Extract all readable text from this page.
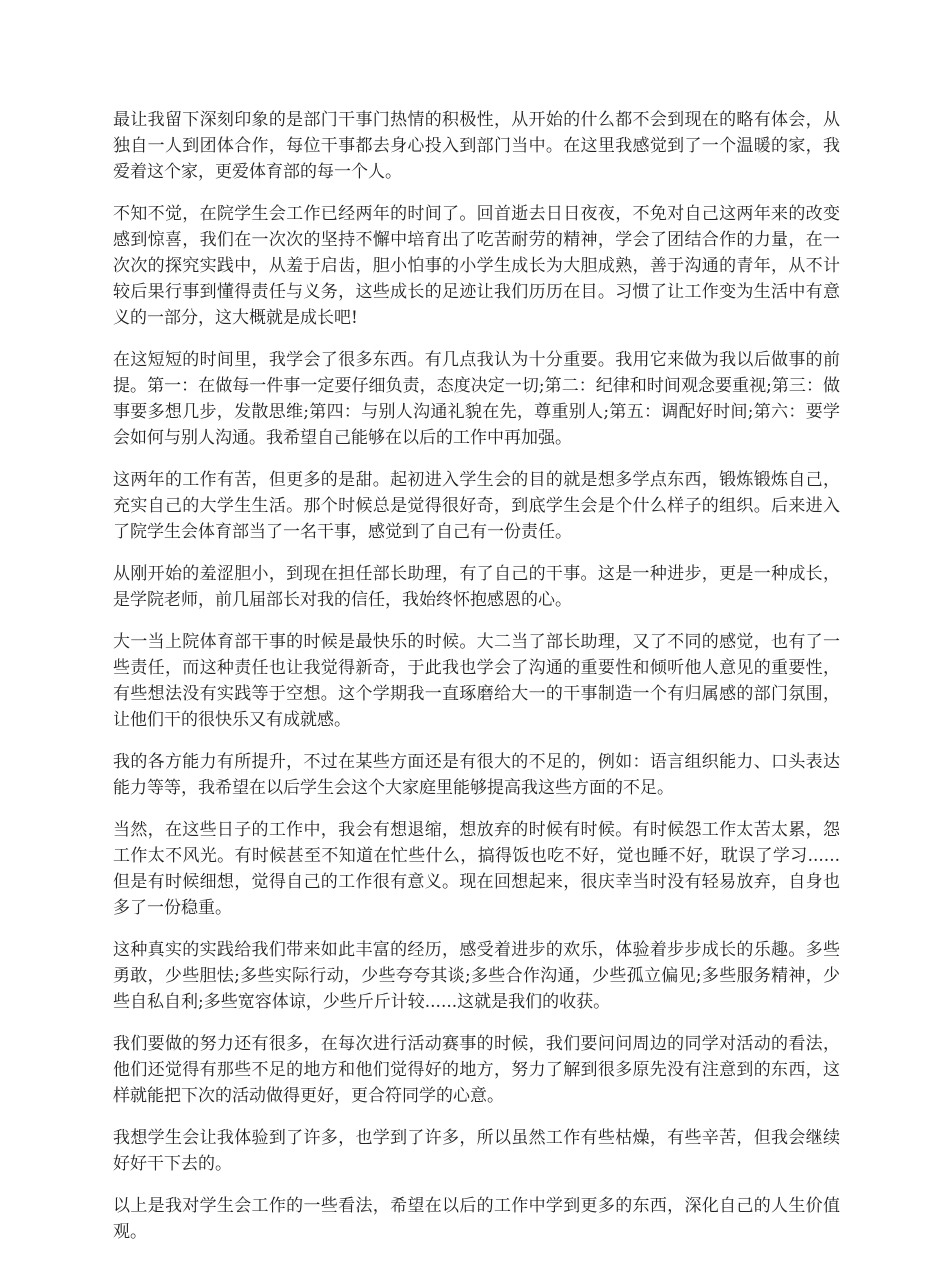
最让我留下深刻印象的是部门干事门热情的积极性，从开始的什么都不会到现在的略有体会，从独自一人到团体合作，每位干事都去身心投入到部门当中。在这里我感觉到了一个温暖的家，我爱着这个家，更爱体育部的每一个人。

不知不觉，在院学生会工作已经两年的时间了。回首逝去日日夜夜，不免对自己这两年来的改变感到惊喜，我们在一次次的坚持不懈中培育出了吃苦耐劳的精神，学会了团结合作的力量，在一次次的探究实践中，从羞于启齿，胆小怕事的小学生成长为大胆成熟，善于沟通的青年，从不计较后果行事到懂得责任与义务，这些成长的足迹让我们历历在目。习惯了让工作变为生活中有意义的一部分，这大概就是成长吧!

在这短短的时间里，我学会了很多东西。有几点我认为十分重要。我用它来做为我以后做事的前提。第一：在做每一件事一定要仔细负责，态度决定一切;第二：纪律和时间观念要重视;第三：做事要多想几步，发散思维;第四：与别人沟通礼貌在先，尊重别人;第五：调配好时间;第六：要学会如何与别人沟通。我希望自己能够在以后的工作中再加强。

这两年的工作有苦，但更多的是甜。起初进入学生会的目的就是想多学点东西，锻炼锻炼自己，充实自己的大学生生活。那个时候总是觉得很好奇，到底学生会是个什么样子的组织。后来进入了院学生会体育部当了一名干事，感觉到了自己有一份责任。

从刚开始的羞涩胆小，到现在担任部长助理，有了自己的干事。这是一种进步，更是一种成长，是学院老师，前几届部长对我的信任，我始终怀抱感恩的心。

大一当上院体育部干事的时候是最快乐的时候。大二当了部长助理，又了不同的感觉，也有了一些责任，而这种责任也让我觉得新奇，于此我也学会了沟通的重要性和倾听他人意见的重要性，有些想法没有实践等于空想。这个学期我一直琢磨给大一的干事制造一个有归属感的部门氛围，让他们干的很快乐又有成就感。

我的各方能力有所提升，不过在某些方面还是有很大的不足的，例如：语言组织能力、口头表达能力等等，我希望在以后学生会这个大家庭里能够提高我这些方面的不足。

当然，在这些日子的工作中，我会有想退缩，想放弃的时候有时候。有时候怨工作太苦太累，怨工作太不风光。有时候甚至不知道在忙些什么，搞得饭也吃不好，觉也睡不好，耽误了学习......但是有时候细想，觉得自己的工作很有意义。现在回想起来，很庆幸当时没有轻易放弃，自身也多了一份稳重。

这种真实的实践给我们带来如此丰富的经历，感受着进步的欢乐，体验着步步成长的乐趣。多些勇敢，少些胆怯;多些实际行动，少些夸夸其谈;多些合作沟通，少些孤立偏见;多些服务精神，少些自私自利;多些宽容体谅，少些斤斤计较......这就是我们的收获。

我们要做的努力还有很多，在每次进行活动赛事的时候，我们要问问周边的同学对活动的看法，他们还觉得有那些不足的地方和他们觉得好的地方，努力了解到很多原先没有注意到的东西，这样就能把下次的活动做得更好，更合符同学的心意。

我想学生会让我体验到了许多，也学到了许多，所以虽然工作有些枯燥，有些辛苦，但我会继续好好干下去的。

以上是我对学生会工作的一些看法，希望在以后的工作中学到更多的东西，深化自己的人生价值观。
